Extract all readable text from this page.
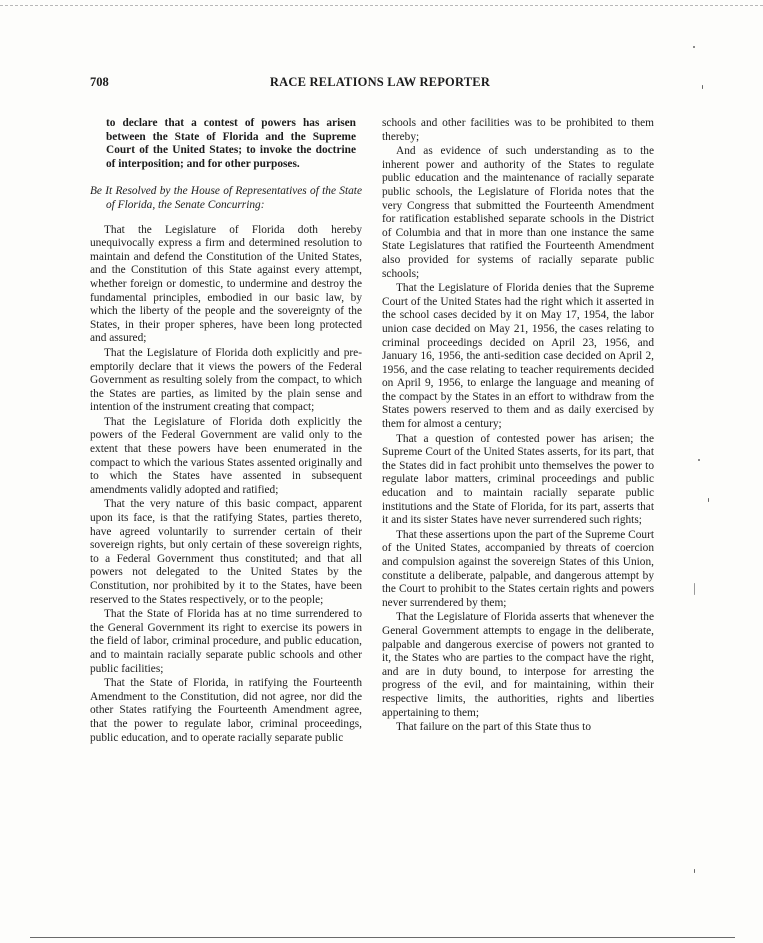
708	RACE RELATIONS LAW REPORTER

to declare that a contest of powers has arisen between the State of Florida and the Supreme Court of the United States; to invoke the doctrine of interposition; and for other purposes.

Be It Resolved by the House of Representatives of the State of Florida, the Senate Concurring:

That the Legislature of Florida doth hereby unequivocally express a firm and determined resolution to maintain and defend the Constitution of the United States, and the Constitution of this State against every attempt, whether foreign or domestic, to undermine and destroy the fundamental principles, embodied in our basic law, by which the liberty of the people and the sovereignty of the States, in their proper spheres, have been long protected and assured;

That the Legislature of Florida doth explicitly and pre-emptorily declare that it views the powers of the Federal Government as resulting solely from the compact, to which the States are parties, as limited by the plain sense and intention of the instrument creating that compact;

That the Legislature of Florida doth explicitly the powers of the Federal Government are valid only to the extent that these powers have been enumerated in the compact to which the various States assented originally and to which the States have assented in subsequent amendments validly adopted and ratified;

That the very nature of this basic compact, apparent upon its face, is that the ratifying States, parties thereto, have agreed voluntarily to surrender certain of their sovereign rights, but only certain of these sovereign rights, to a Federal Government thus constituted; and that all powers not delegated to the United States by the Constitution, nor prohibited by it to the States, have been reserved to the States respectively, or to the people;

That the State of Florida has at no time surrendered to the General Government its right to exercise its powers in the field of labor, criminal procedure, and public education, and to maintain racially separate public schools and other public facilities;

That the State of Florida, in ratifying the Fourteenth Amendment to the Constitution, did not agree, nor did the other States ratifying the Fourteenth Amendment agree, that the power to regulate labor, criminal proceedings, public education, and to operate racially separate public

schools and other facilities was to be prohibited to them thereby;

And as evidence of such understanding as to the inherent power and authority of the States to regulate public education and the maintenance of racially separate public schools, the Legislature of Florida notes that the very Congress that submitted the Fourteenth Amendment for ratification established separate schools in the District of Columbia and that in more than one instance the same State Legislatures that ratified the Fourteenth Amendment also provided for systems of racially separate public schools;

That the Legislature of Florida denies that the Supreme Court of the United States had the right which it asserted in the school cases decided by it on May 17, 1954, the labor union case decided on May 21, 1956, the cases relating to criminal proceedings decided on April 23, 1956, and January 16, 1956, the anti-sedition case decided on April 2, 1956, and the case relating to teacher requirements decided on April 9, 1956, to enlarge the language and meaning of the compact by the States in an effort to withdraw from the States powers reserved to them and as daily exercised by them for almost a century;

That a question of contested power has arisen; the Supreme Court of the United States asserts, for its part, that the States did in fact prohibit unto themselves the power to regulate labor matters, criminal proceedings and public education and to maintain racially separate public institutions and the State of Florida, for its part, asserts that it and its sister States have never surrendered such rights;

That these assertions upon the part of the Supreme Court of the United States, accompanied by threats of coercion and compulsion against the sovereign States of this Union, constitute a deliberate, palpable, and dangerous attempt by the Court to prohibit to the States certain rights and powers never surrendered by them;

That the Legislature of Florida asserts that whenever the General Government attempts to engage in the deliberate, palpable and dangerous exercise of powers not granted to it, the States who are parties to the compact have the right, and are in duty bound, to interpose for arresting the progress of the evil, and for maintaining, within their respective limits, the authorities, rights and liberties appertaining to them;

That failure on the part of this State thus to
